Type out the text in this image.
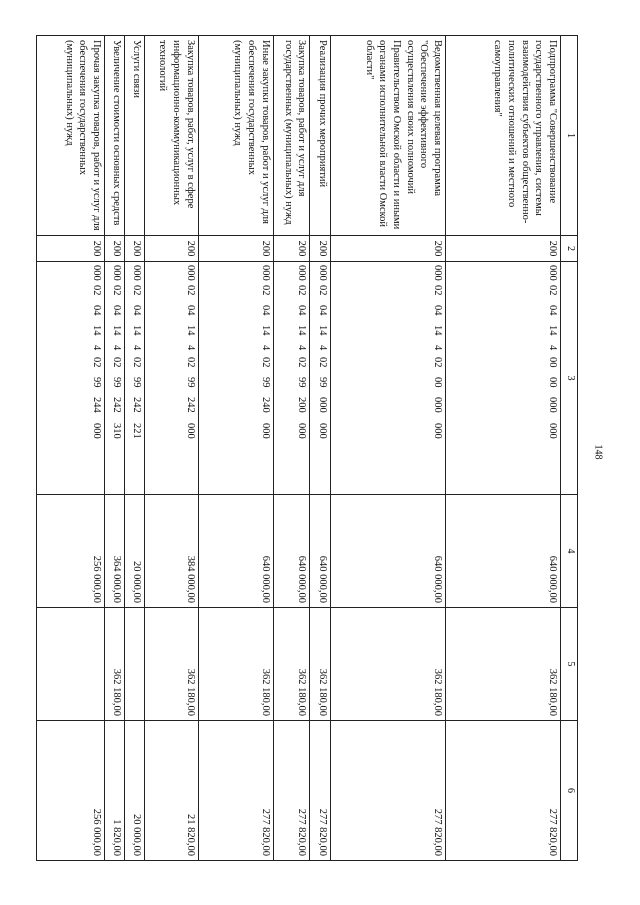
148
1	2	3	4	5	6
Подпрограмма "Совершенствование государственного управления, системы взаимодействия субъектов общественно-политических отношений и местного самоуправления"	200	00002041440000000000	640 000,00	362 180,00	277 820,00
Ведомственная целевая программа "Обеспечение эффективного осуществления своих полномочий Правительством Омской области и иными органами исполнительной власти Омской области"	200	00002041440200000000	640 000,00	362 180,00	277 820,00
Реализация прочих мероприятий	200	00002041440299000000	640 000,00	362 180,00	277 820,00
Закупка товаров, работ и услуг для государственных (муниципальных) нужд	200	00002041440299200000	640 000,00	362 180,00	277 820,00
Иные закупки товаров, работ и услуг для обеспечения государственных (муниципальных) нужд	200	00002041440299240000	640 000,00	362 180,00	277 820,00
Закупка товаров, работ, услуг в сфере информационно-коммуникационных технологий	200	00002041440299242000	384 000,00	362 180,00	21 820,00
Услуги связи	200	00002041440299242221	20 000,00		20 000,00
Увеличение стоимости основных средств	200	00002041440299242310	364 000,00	362 180,00	1 820,00
Прочая закупка товаров, работ и услуг для обеспечения государственных (муниципальных) нужд	200	00002041440299244000	256 000,00		256 000,00
